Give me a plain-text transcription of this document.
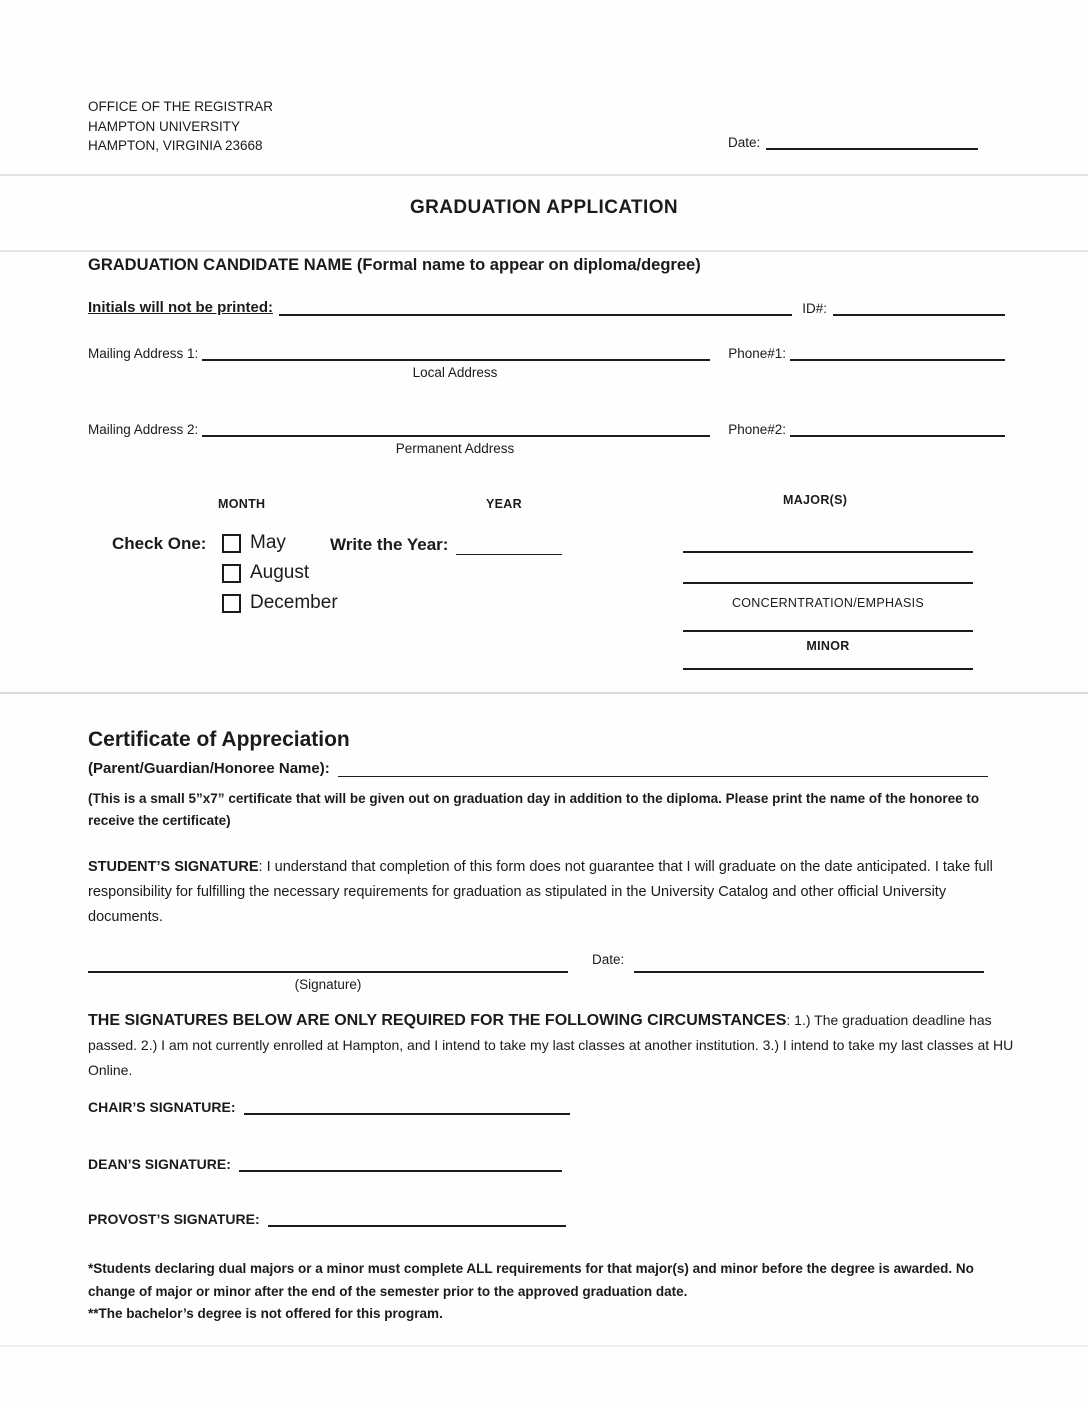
OFFICE OF THE REGISTRAR
HAMPTON UNIVERSITY
HAMPTON, VIRGINIA 23668	Date:
GRADUATION APPLICATION
GRADUATION CANDIDATE NAME (Formal name to appear on diploma/degree)
Initials will not be printed:	ID#:
Mailing Address 1:	Phone#1:
Local Address
Mailing Address 2:	Phone#2:
Permanent Address
MONTH	YEAR	MAJOR(S)
Check One: May
August
December
Write the Year:
CONCERNTRATION/EMPHASIS
MINOR
Certificate of Appreciation
(Parent/Guardian/Honoree Name):
(This is a small 5”x7” certificate that will be given out on graduation day in addition to the diploma. Please print the name of the honoree to receive the certificate)
STUDENT’S SIGNATURE: I understand that completion of this form does not guarantee that I will graduate on the date anticipated. I take full responsibility for fulfilling the necessary requirements for graduation as stipulated in the University Catalog and other official University documents.
(Signature)
Date:
THE SIGNATURES BELOW ARE ONLY REQUIRED FOR THE FOLLOWING CIRCUMSTANCES: 1.) The graduation deadline has passed. 2.) I am not currently enrolled at Hampton, and I intend to take my last classes at another institution. 3.) I intend to take my last classes at HU Online.
CHAIR’S SIGNATURE:
DEAN’S SIGNATURE:
PROVOST’S SIGNATURE:

*Students declaring dual majors or a minor must complete ALL requirements for that major(s) and minor before the degree is awarded. No change of major or minor after the end of the semester prior to the approved graduation date.

**The bachelor’s degree is not offered for this program.
